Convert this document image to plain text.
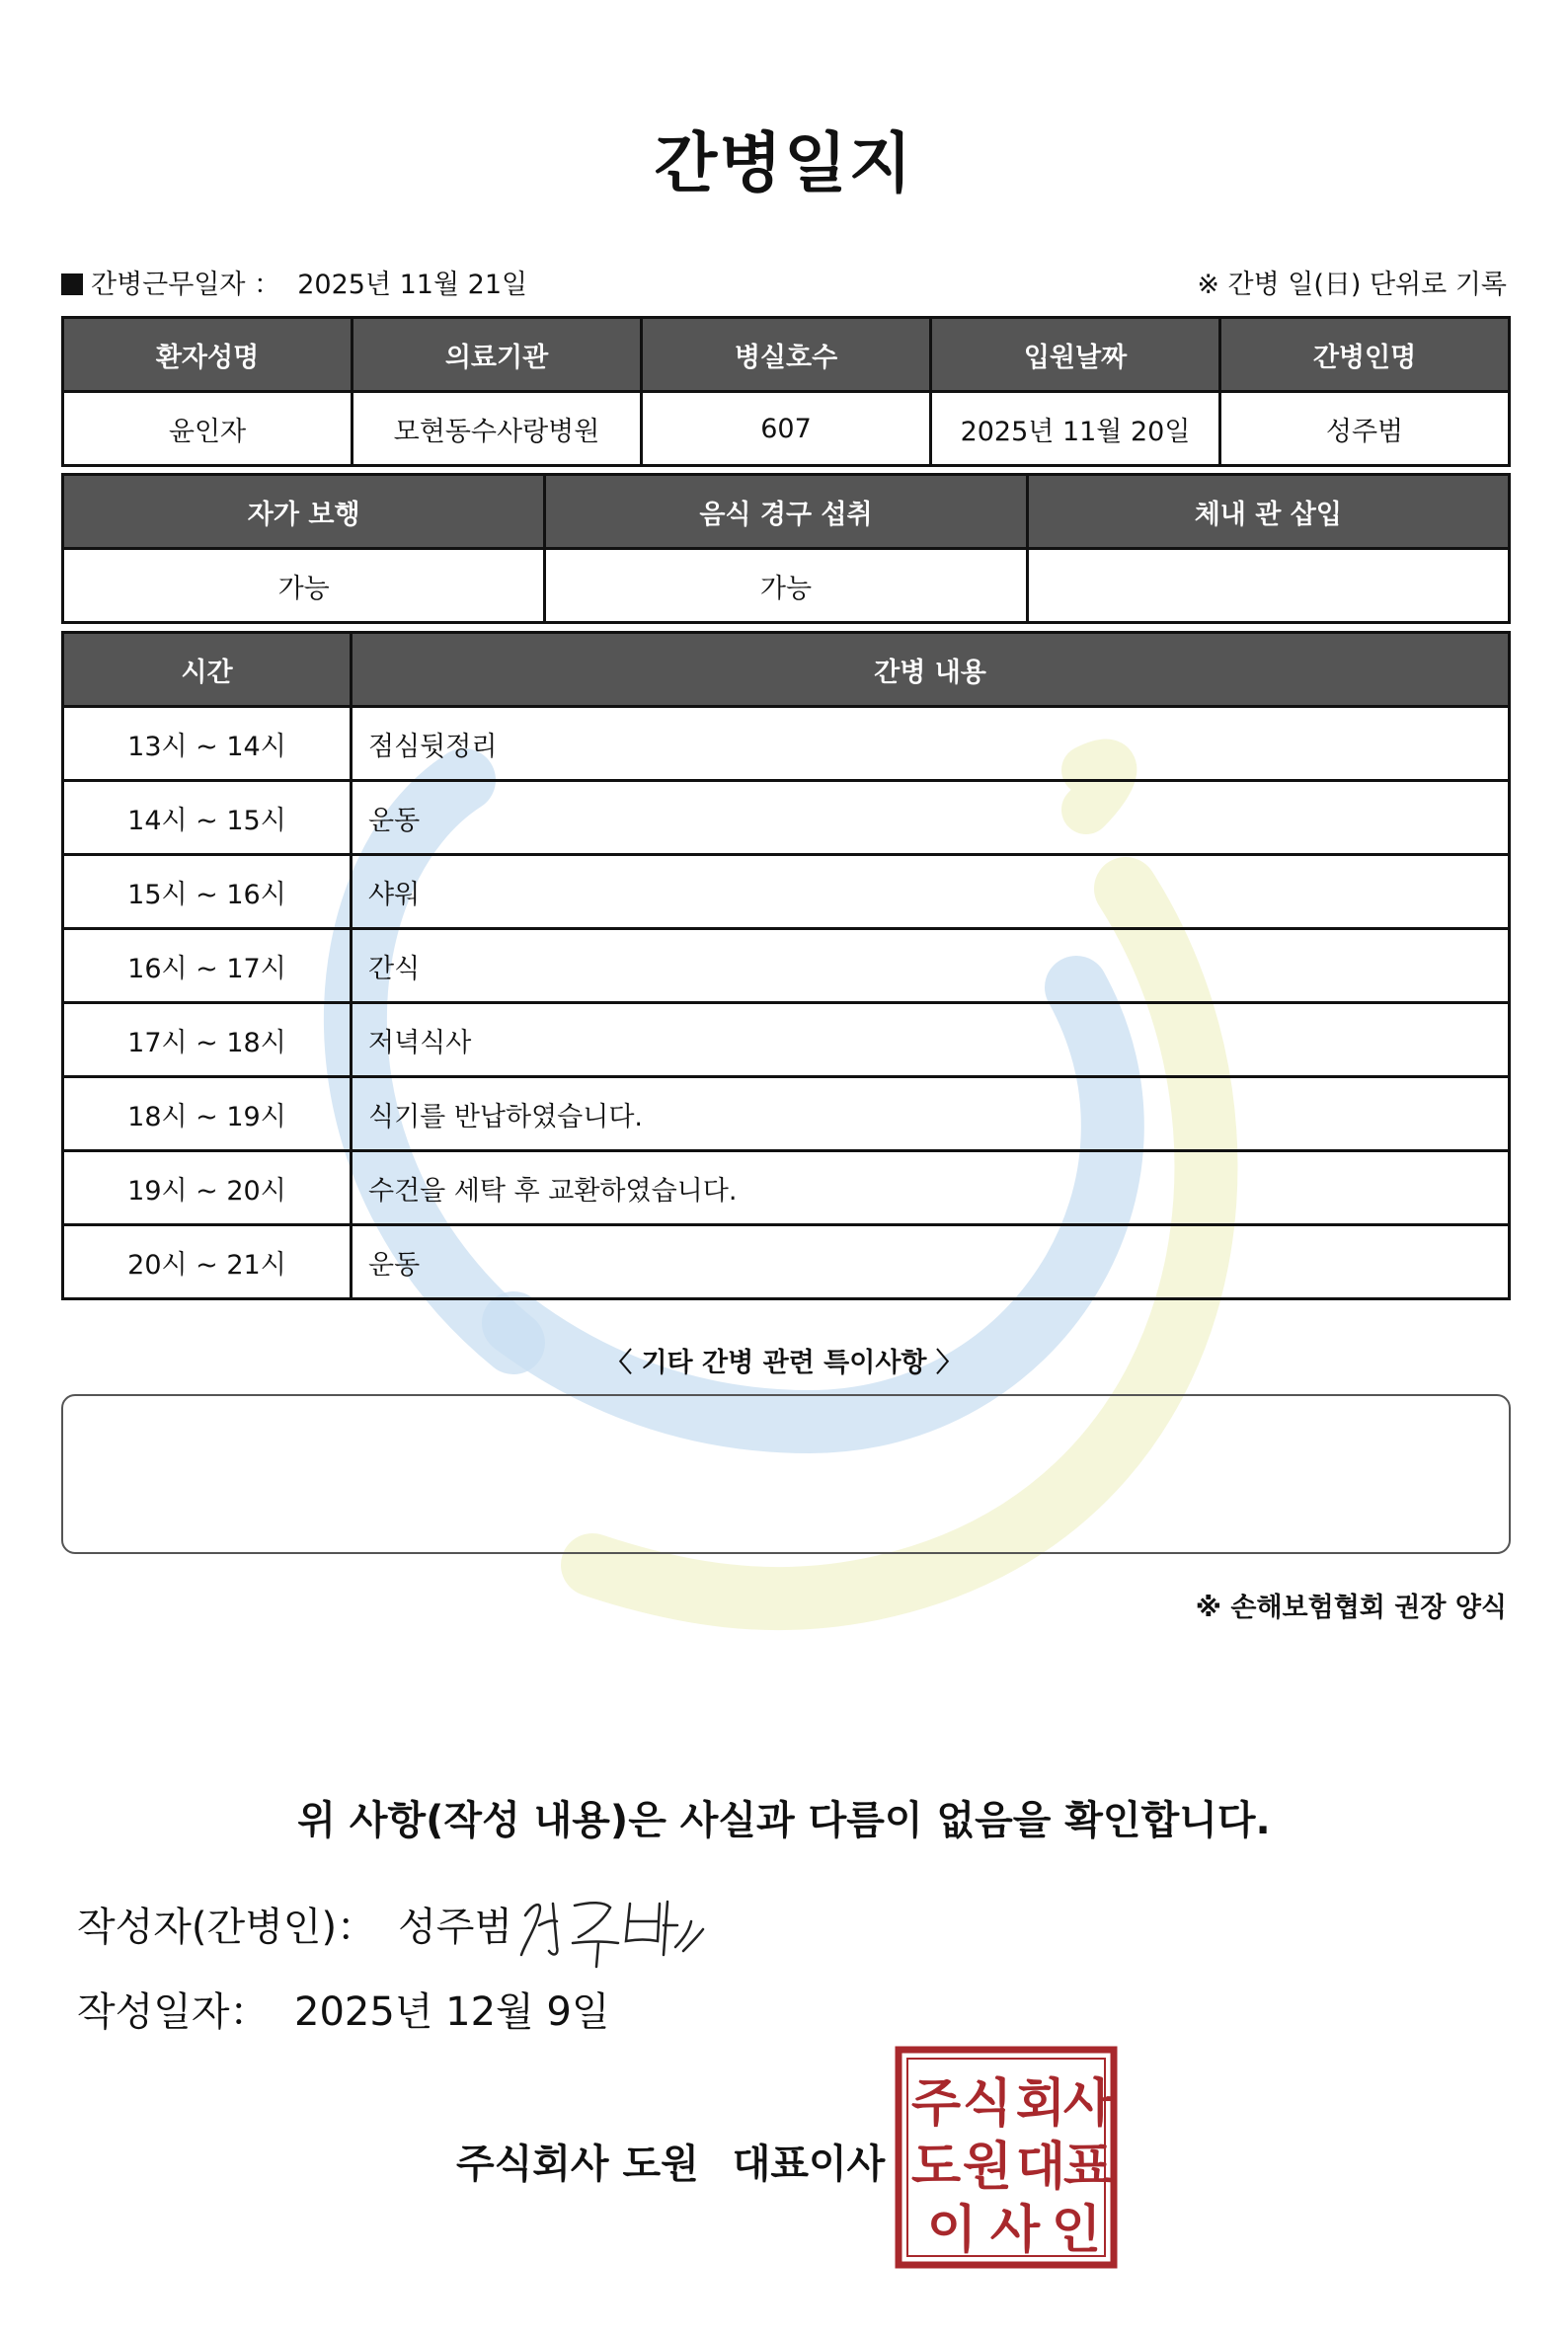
간병일지
간병근무일자 ： 2025년 11월 21일	※ 간병 일(日) 단위로 기록
환자성명	의료기관	병실호수	입원날짜	간병인명
윤인자	모현동수사랑병원	607	2025년 11월 20일	성주범
자가 보행	음식 경구 섭취	체내 관 삽입
가능	가능	
시간	간병 내용
13시 ~ 14시	점심뒷정리
14시 ~ 15시	운동
15시 ~ 16시	샤워
16시 ~ 17시	간식
17시 ~ 18시	저녁식사
18시 ~ 19시	식기를 반납하였습니다.
19시 ~ 20시	수건을 세탁 후 교환하였습니다.
20시 ~ 21시	운동
〈 기타 간병 관련 특이사항 〉
※ 손해보험협회 권장 양식
위 사항(작성 내용)은 사실과 다름이 없음을 확인합니다.
작성자(간병인)： 성주범
작성일자： 2025년 12월 9일
주식회사 도원 대표이사
주 식 회
사
도 원 대
표
이 사 인
